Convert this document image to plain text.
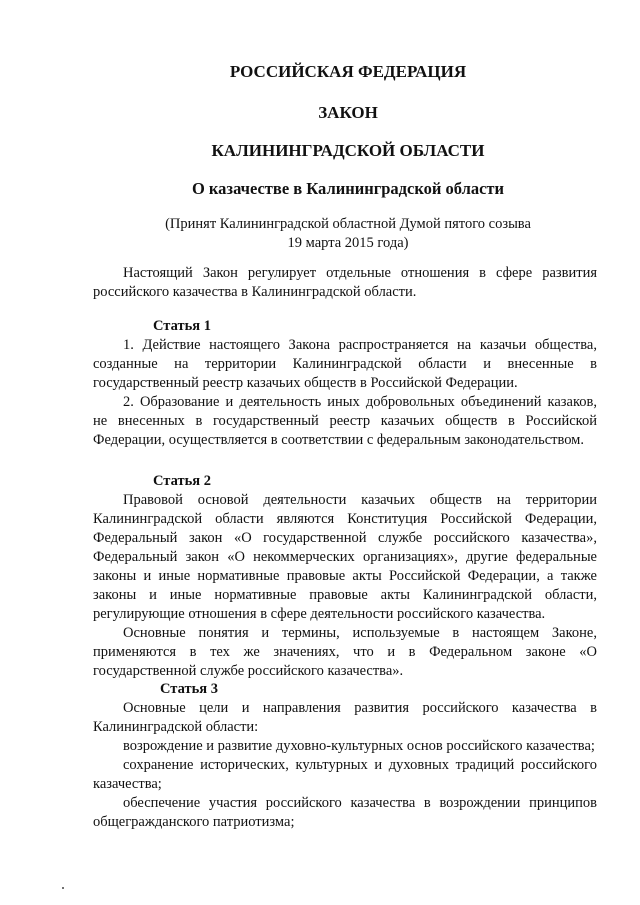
РОССИЙСКАЯ ФЕДЕРАЦИЯ
ЗАКОН
КАЛИНИНГРАДСКОЙ ОБЛАСТИ
О казачестве в Калининградской области
(Принят Калининградской областной Думой пятого созыва
19 марта 2015 года)

Настоящий Закон регулирует отдельные отношения в сфере развития российского казачества в Калининградской области.

Статья 1

1. Действие настоящего Закона распространяется на казачьи общества, созданные на территории Калининградской области и внесенные в государственный реестр казачьих обществ в Российской Федерации.

2. Образование и деятельность иных добровольных объединений казаков, не внесенных в государственный реестр казачьих обществ в Российской Федерации, осуществляется в соответствии с федеральным законодательством.

Статья 2

Правовой основой деятельности казачьих обществ на территории Калининградской области являются Конституция Российской Федерации, Федеральный закон «О государственной службе российского казачества», Федеральный закон «О некоммерческих организациях», другие федеральные законы и иные нормативные правовые акты Российской Федерации, а также законы и иные нормативные правовые акты Калининградской области, регулирующие отношения в сфере деятельности российского казачества.

Основные понятия и термины, используемые в настоящем Законе, применяются в тех же значениях, что и в Федеральном законе «О государственной службе российского казачества».

Статья 3

Основные цели и направления развития российского казачества в Калининградской области:

возрождение и развитие духовно-культурных основ российского казачества;

сохранение исторических, культурных и духовных традиций российского казачества;

обеспечение участия российского казачества в возрождении принципов общегражданского патриотизма;
